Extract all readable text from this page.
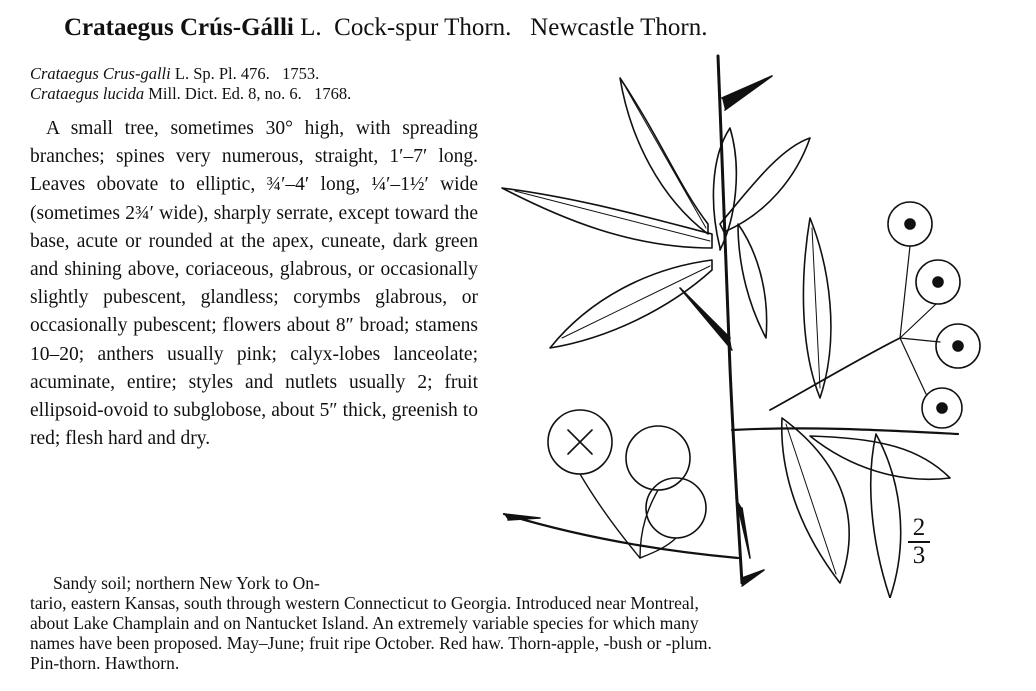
Crataegus Crús-Gálli L. Cock-spur Thorn.   Newcastle Thorn.
Crataegus Crus-galli L. Sp. Pl. 476.   1753.
Crataegus lucida Mill. Dict. Ed. 8, no. 6.   1768.

A small tree, sometimes 30° high, with spreading branches; spines very numerous, straight, 1′–7′ long. Leaves obovate to elliptic, ¾′–4′ long, ¼′–1½′ wide (sometimes 2¾′ wide), sharply serrate, except toward the base, acute or rounded at the apex, cuneate, dark green and shining above, coriaceous, glabrous, or occasionally slightly pubescent, glandless; corymbs glabrous, or occasionally pubescent; flowers about 8″ broad; stamens 10–20; anthers usually pink; calyx-lobes lanceolate; acuminate, entire; styles and nutlets usually 2; fruit ellipsoid-ovoid to subglobose, about 5″ thick, greenish to red; flesh hard and dry.

Sandy soil; northern New York to On-
tario, eastern Kansas, south through western Connecticut to Georgia. Introduced near Montreal,
about Lake Champlain and on Nantucket Island. An extremely variable species for which many
names have been proposed. May–June; fruit ripe October. Red haw. Thorn-apple, -bush or -plum.
Pin-thorn. Hawthorn.
2
3
